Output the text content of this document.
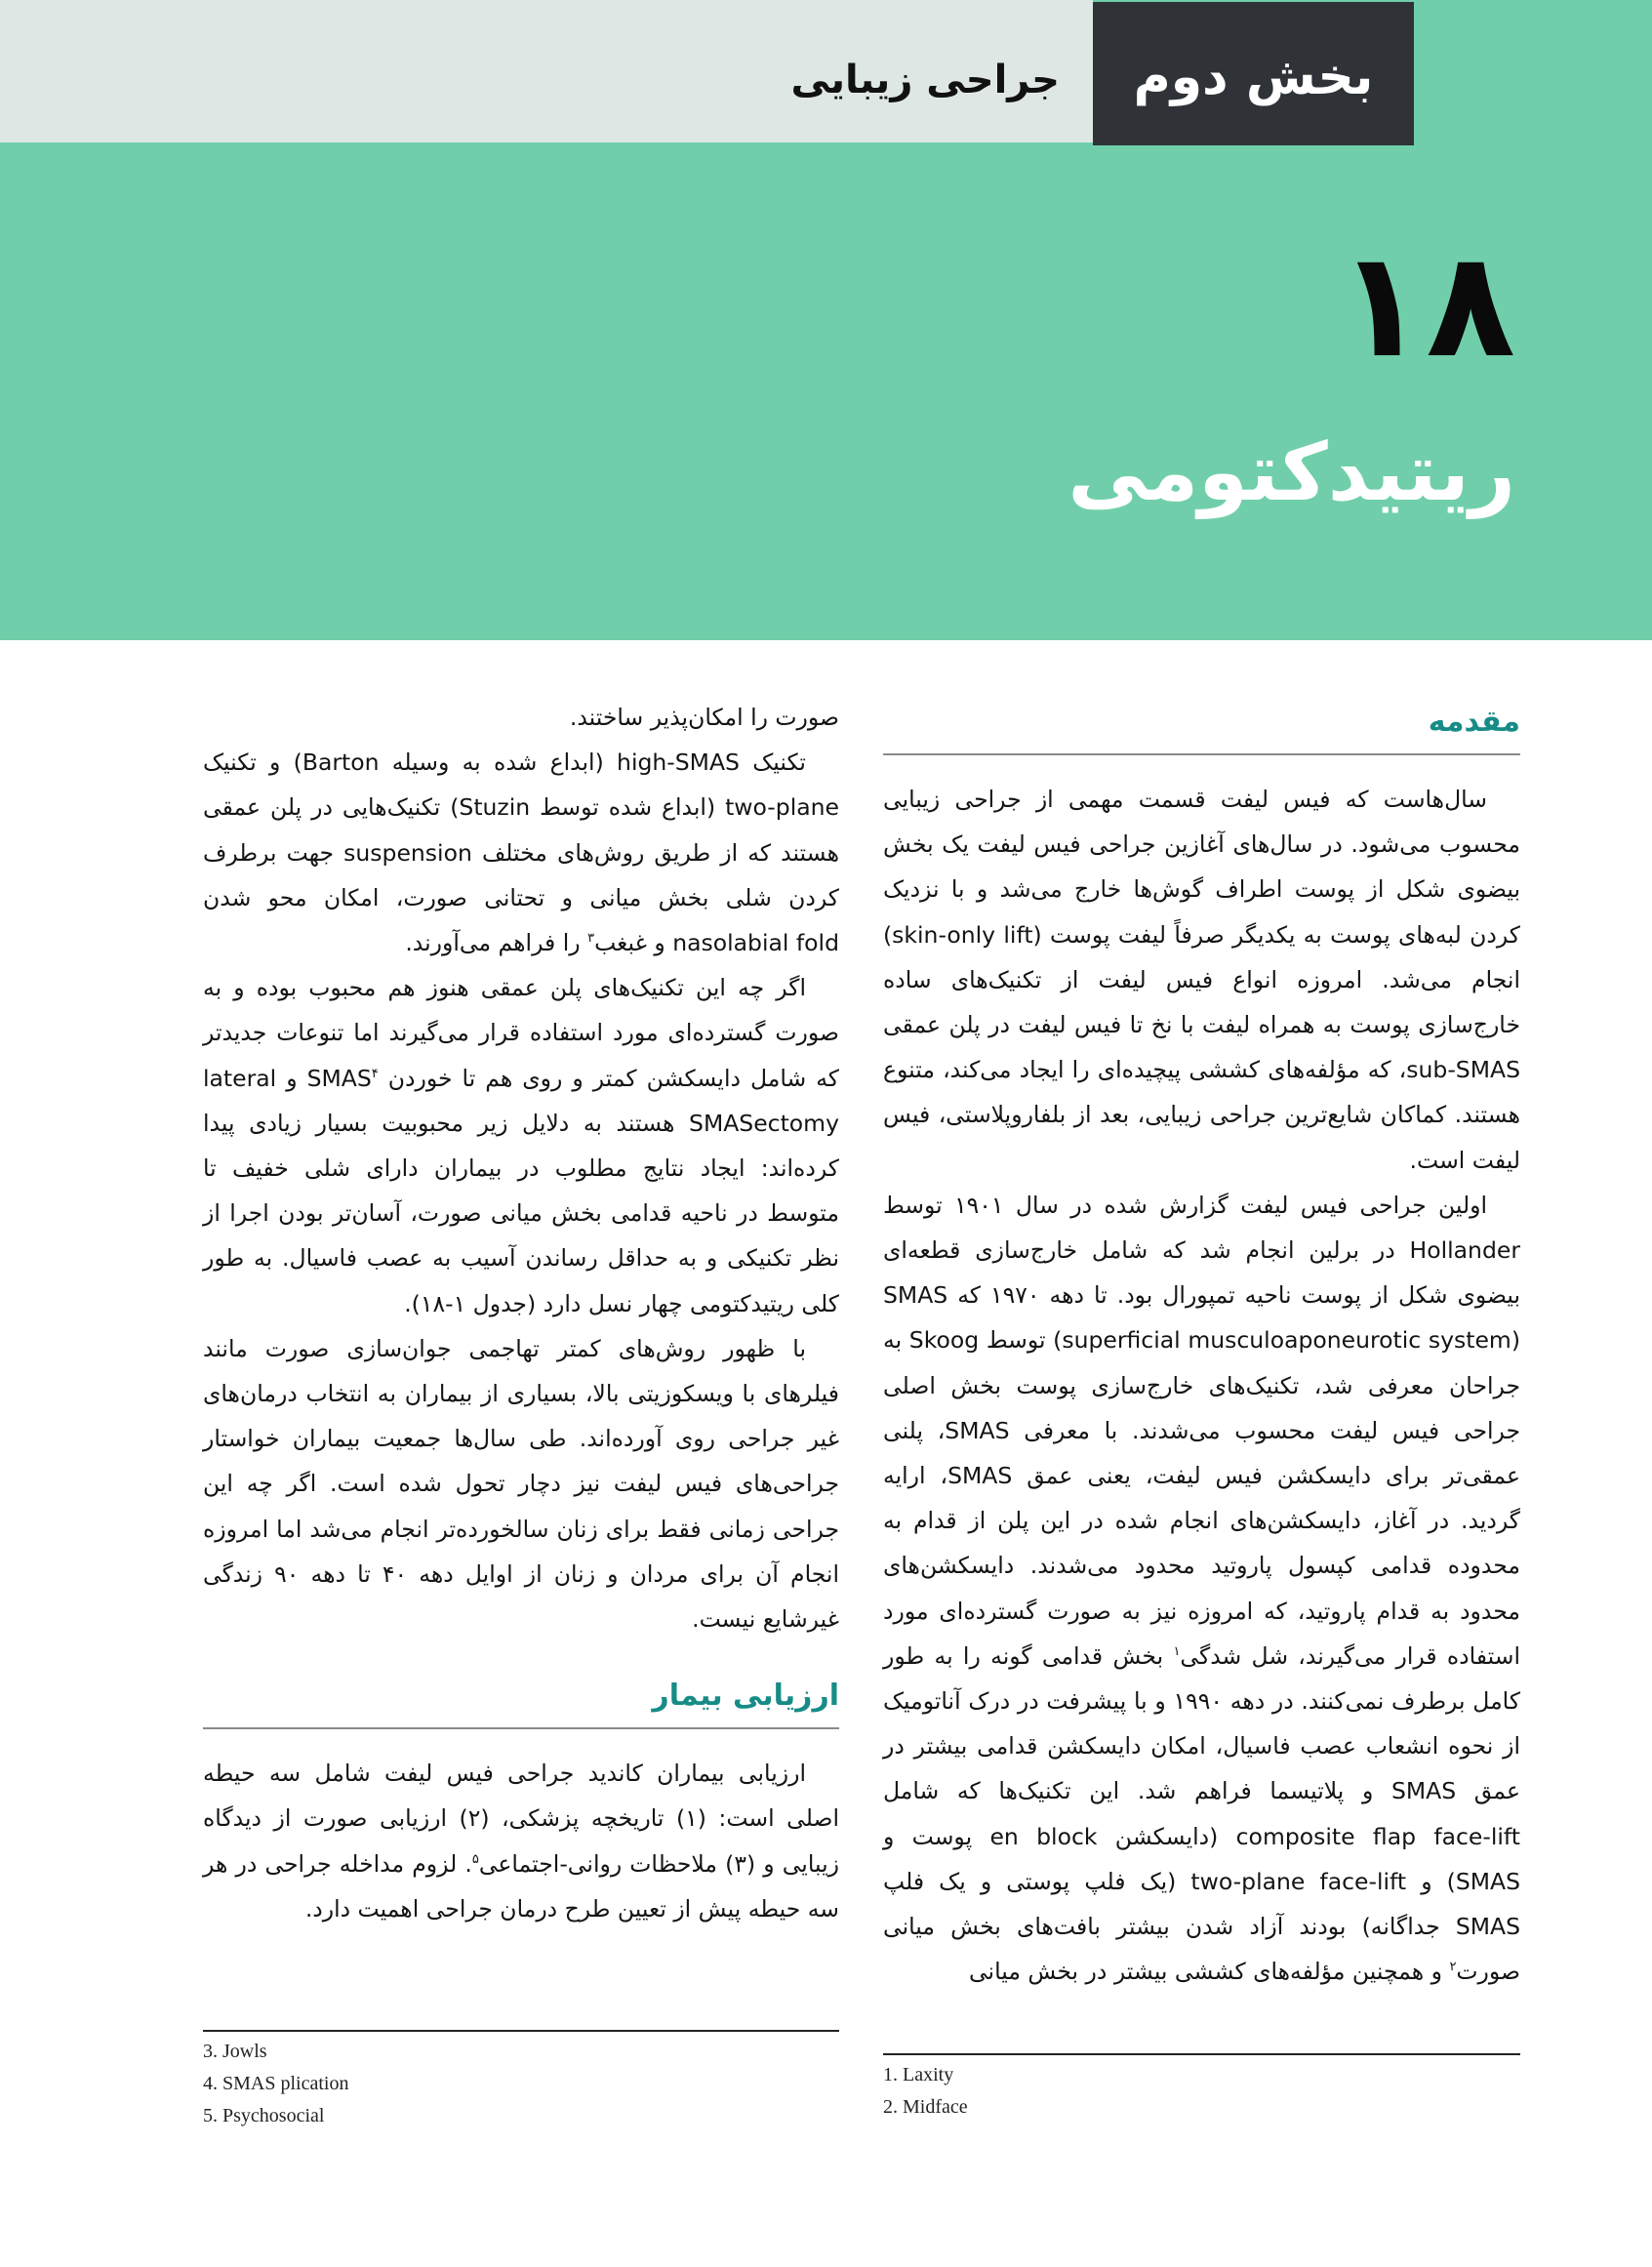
بخش دوم
جراحی زیبایی
۱۸
ریتیدکتومی
مقدمه

سال‌هاست که فیس لیفت قسمت مهمی از جراحی زیبایی محسوب می‌شود. در سال‌های آغازین جراحی فیس لیفت یک بخش بیضوی شکل از پوست اطراف گوش‌ها خارج می‌شد و با نزدیک کردن لبه‌های پوست به یکدیگر صرفاً لیفت پوست (skin-only lift) انجام می‌شد. امروزه انواع فیس لیفت از تکنیک‌های ساده خارج‌سازی پوست به همراه لیفت با نخ تا فیس لیفت در پلن عمقی sub-SMAS، که مؤلفه‌های کششی پیچیده‌ای را ایجاد می‌کند، متنوع هستند. کماکان شایع‌ترین جراحی زیبایی، بعد از بلفاروپلاستی، فیس لیفت است.

اولین جراحی فیس لیفت گزارش شده در سال ۱۹۰۱ توسط Hollander در برلین انجام شد که شامل خارج‌سازی قطعه‌ای بیضوی شکل از پوست ناحیه تمپورال بود. تا دهه ۱۹۷۰ که SMAS (superficial musculoaponeurotic system) توسط Skoog به جراحان معرفی شد، تکنیک‌های خارج‌سازی پوست بخش اصلی جراحی فیس لیفت محسوب می‌شدند. با معرفی SMAS، پلنی عمقی‌تر برای دایسکشن فیس لیفت، یعنی عمق SMAS، ارایه گردید. در آغاز، دایسکشن‌های انجام شده در این پلن از قدام به محدوده قدامی کپسول پاروتید محدود می‌شدند. دایسکشن‌های محدود به قدام پاروتید، که امروزه نیز به صورت گسترده‌ای مورد استفاده قرار می‌گیرند، شل شدگی$^۱$ بخش قدامی گونه را به طور کامل برطرف نمی‌کنند. در دهه ۱۹۹۰ و با پیشرفت در درک آناتومیک از نحوه انشعاب عصب فاسیال، امکان دایسکشن قدامی بیشتر در عمق SMAS و پلاتیسما فراهم شد. این تکنیک‌ها که شامل composite flap face-lift (دایسکشن en block پوست و SMAS) و two-plane face-lift (یک فلپ پوستی و یک فلپ SMAS جداگانه) بودند آزاد شدن بیشتر بافت‌های بخش میانی صورت$^۲$ و همچنین مؤلفه‌های کششی بیشتر در بخش میانی

1. Laxity
2. Midface

صورت را امکان‌پذیر ساختند.

تکنیک high-SMAS (ابداع شده به وسیله Barton) و تکنیک two-plane (ابداع شده توسط Stuzin) تکنیک‌هایی در پلن عمقی هستند که از طریق روش‌های مختلف suspension جهت برطرف کردن شلی بخش میانی و تحتانی صورت، امکان محو شدن nasolabial fold و غبغب$^۳$ را فراهم می‌آورند.

اگر چه این تکنیک‌های پلن عمقی هنوز هم محبوب بوده و به صورت گسترده‌ای مورد استفاده قرار می‌گیرند اما تنوعات جدیدتر که شامل دایسکشن کمتر و روی هم تا خوردن SMAS$^۴$ و lateral SMASectomy هستند به دلایل زیر محبوبیت بسیار زیادی پیدا کرده‌اند: ایجاد نتایج مطلوب در بیماران دارای شلی خفیف تا متوسط در ناحیه قدامی بخش میانی صورت، آسان‌تر بودن اجرا از نظر تکنیکی و به حداقل رساندن آسیب به عصب فاسیال. به طور کلی ریتیدکتومی چهار نسل دارد (جدول ۱-۱۸).

با ظهور روش‌های کمتر تهاجمی جوان‌سازی صورت مانند فیلرهای با ویسکوزیتی بالا، بسیاری از بیماران به انتخاب درمان‌های غیر جراحی روی آورده‌اند. طی سال‌ها جمعیت بیماران خواستار جراحی‌های فیس لیفت نیز دچار تحول شده است. اگر چه این جراحی زمانی فقط برای زنان سالخورده‌تر انجام می‌شد اما امروزه انجام آن برای مردان و زنان از اوایل دهه ۴۰ تا دهه ۹۰ زندگی غیرشایع نیست.

ارزیابی بیمار

ارزیابی بیماران کاندید جراحی فیس لیفت شامل سه حیطه اصلی است: (۱) تاریخچه پزشکی، (۲) ارزیابی صورت از دیدگاه زیبایی و (۳) ملاحظات روانی-اجتماعی$^۵$. لزوم مداخله جراحی در هر سه حیطه پیش از تعیین طرح درمان جراحی اهمیت دارد.

3. Jowls
4. SMAS plication
5. Psychosocial
